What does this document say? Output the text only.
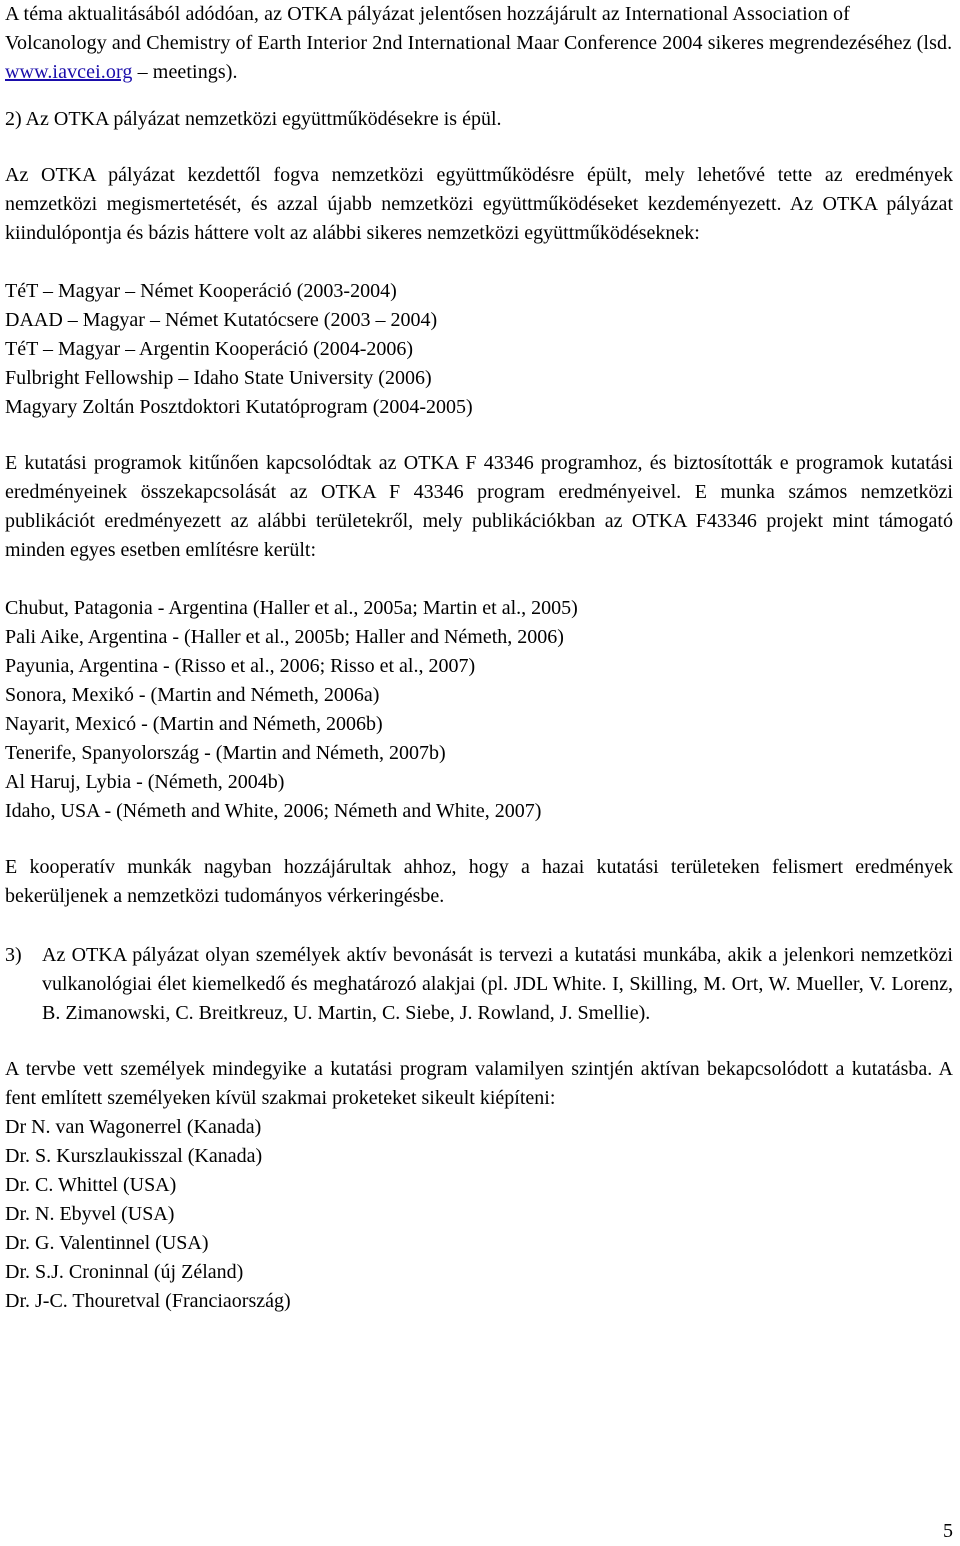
A téma aktualitásából adódóan, az OTKA pályázat jelentősen hozzájárult az International Association of Volcanology and Chemistry of Earth Interior 2nd International Maar Conference 2004 sikeres megrendezéséhez (lsd. www.iavcei.org – meetings).

2) Az OTKA pályázat nemzetközi együttműködésekre is épül.

Az OTKA pályázat kezdettől fogva nemzetközi együttműködésre épült, mely lehetővé tette az eredmények nemzetközi megismertetését, és azzal újabb nemzetközi együttműködéseket kezdeményezett. Az OTKA pályázat kiindulópontja és bázis háttere volt az alábbi sikeres nemzetközi együttműködéseknek:

TéT – Magyar – Német Kooperáció (2003-2004)
DAAD – Magyar – Német Kutatócsere (2003 – 2004)
TéT – Magyar – Argentin Kooperáció (2004-2006)
Fulbright Fellowship – Idaho State University (2006)
Magyary Zoltán Posztdoktori Kutatóprogram (2004-2005)

E kutatási programok kitűnően kapcsolódtak az OTKA F 43346 programhoz, és biztosították e programok kutatási eredményeinek összekapcsolását az OTKA F 43346 program eredményeivel. E munka számos nemzetközi publikációt eredményezett az alábbi területekről, mely publikációkban az OTKA F43346 projekt mint támogató minden egyes esetben említésre került:

Chubut, Patagonia - Argentina (Haller et al., 2005a; Martin et al., 2005)
Pali Aike, Argentina - (Haller et al., 2005b; Haller and Németh, 2006)
Payunia, Argentina - (Risso et al., 2006; Risso et al., 2007)
Sonora, Mexikó - (Martin and Németh, 2006a)
Nayarit, Mexicó - (Martin and Németh, 2006b)
Tenerife, Spanyolország - (Martin and Németh, 2007b)
Al Haruj, Lybia - (Németh, 2004b)
Idaho, USA - (Németh and White, 2006; Németh and White, 2007)

E kooperatív munkák nagyban hozzájárultak ahhoz, hogy a hazai kutatási területeken felismert eredmények bekerüljenek a nemzetközi tudományos vérkeringésbe.

3) Az OTKA pályázat olyan személyek aktív bevonását is tervezi a kutatási munkába, akik a jelenkori nemzetközi vulkanológiai élet kiemelkedő és meghatározó alakjai (pl. JDL White. I, Skilling, M. Ort, W. Mueller, V. Lorenz, B. Zimanowski, C. Breitkreuz, U. Martin, C. Siebe, J. Rowland, J. Smellie).

A tervbe vett személyek mindegyike a kutatási program valamilyen szintjén aktívan bekapcsolódott a kutatásba. A fent említett személyeken kívül szakmai proketeket sikeult kiépíteni:

Dr N. van Wagonerrel (Kanada)
Dr. S. Kurszlaukisszal (Kanada)
Dr. C. Whittel (USA)
Dr. N. Ebyvel (USA)
Dr. G. Valentinnel (USA)
Dr. S.J. Croninnal (új Zéland)
Dr. J-C. Thouretval (Franciaország)
5
